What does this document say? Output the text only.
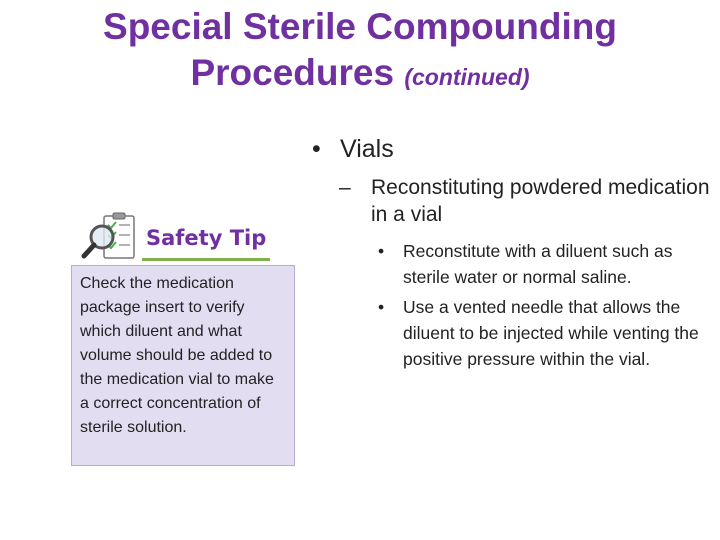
Special Sterile Compounding
Procedures (continued)
• Vials
– Reconstituting powdered medication in a vial
• Reconstitute with a diluent such as sterile water or normal saline.
• Use a vented needle that allows the diluent to be injected while venting the positive pressure within the vial.
Safety Tip
Check the medication package insert to verify which diluent and what volume should be added to the medication vial to make a correct concentration of sterile solution.
